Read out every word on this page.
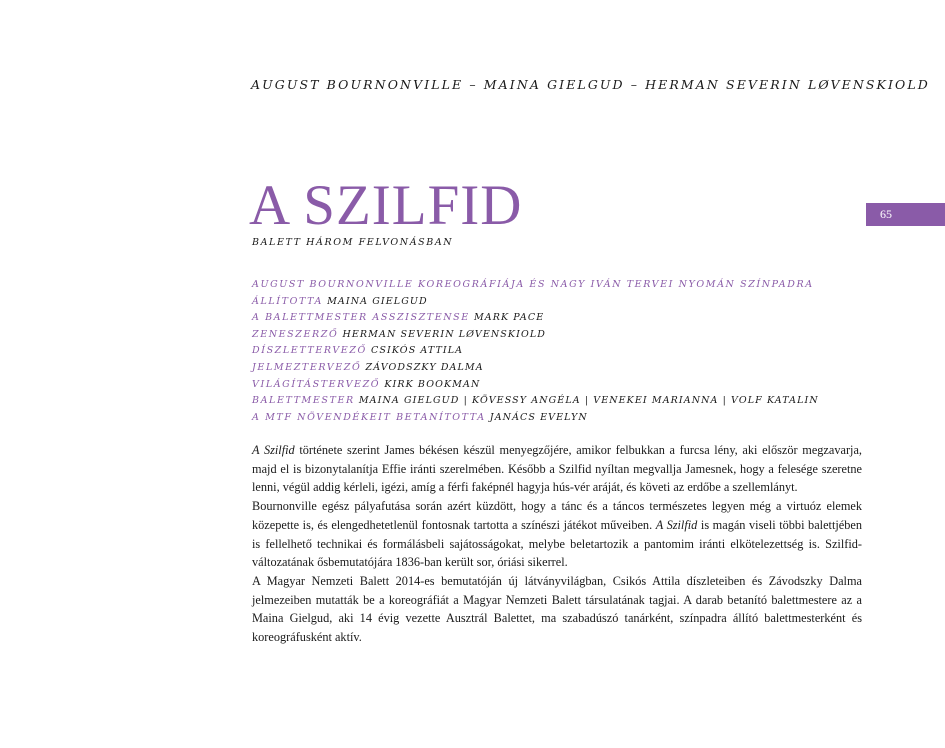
AUGUST BOURNONVILLE – MAINA GIELGUD – HERMAN SEVERIN LØVENSKIOLD
A SZILFID
BALETT HÁROM FELVONÁSBAN
65
AUGUST BOURNONVILLE KOREOGRÁFIÁJA ÉS NAGY IVÁN TERVEI NYOMÁN SZÍNPADRA
ÁLLÍTOTTA MAINA GIELGUD
A BALETTMESTER ASSZISZTENSE MARK PACE
ZENESZERZŐ HERMAN SEVERIN LØVENSKIOLD
DÍSZLETTERVEZŐ CSIKÓS ATTILA
JELMEZTERVEZŐ ZÁVODSZKY DALMA
VILÁGÍTÁSTERVEZŐ KIRK BOOKMAN
BALETTMESTER MAINA GIELGUD | KÖVESSY ANGÉLA | VENEKEI MARIANNA | VOLF KATALIN
A MTF NÖVENDÉKEIT BETANÍTOTTA JANÁCS EVELYN

A Szilfid története szerint James békésen készül menyegzőjére, amikor felbukkan a furcsa lény, aki először megzavarja, majd el is bizonytalanítja Effie iránti szerelmében. Később a Szilfid nyíltan megvallja Jamesnek, hogy a felesége szeretne lenni, végül addig kérleli, igézi, amíg a férfi faképnél hagyja hús-vér aráját, és követi az erdőbe a szellemlányt.

Bournonville egész pályafutása során azért küzdött, hogy a tánc és a táncos természetes legyen még a virtuóz elemek közepette is, és elengedhetetlenül fontosnak tartotta a színészi játékot műveiben. A Szilfid is magán viseli többi balettjében is fellelhető technikai és formálásbeli sajátosságokat, melybe beletartozik a pantomim iránti elkötelezettség is. Szilfid-változatának ősbemutatójára 1836-ban került sor, óriási sikerrel.

A Magyar Nemzeti Balett 2014-es bemutatóján új látványvilágban, Csikós Attila díszleteiben és Závodszky Dalma jelmezeiben mutatták be a koreográfiát a Magyar Nemzeti Balett társulatának tagjai. A darab betanító balettmestere az a Maina Gielgud, aki 14 évig vezette Ausztrál Balettet, ma szabadúszó tanárként, színpadra állító balettmesterként és koreográfusként aktív.
